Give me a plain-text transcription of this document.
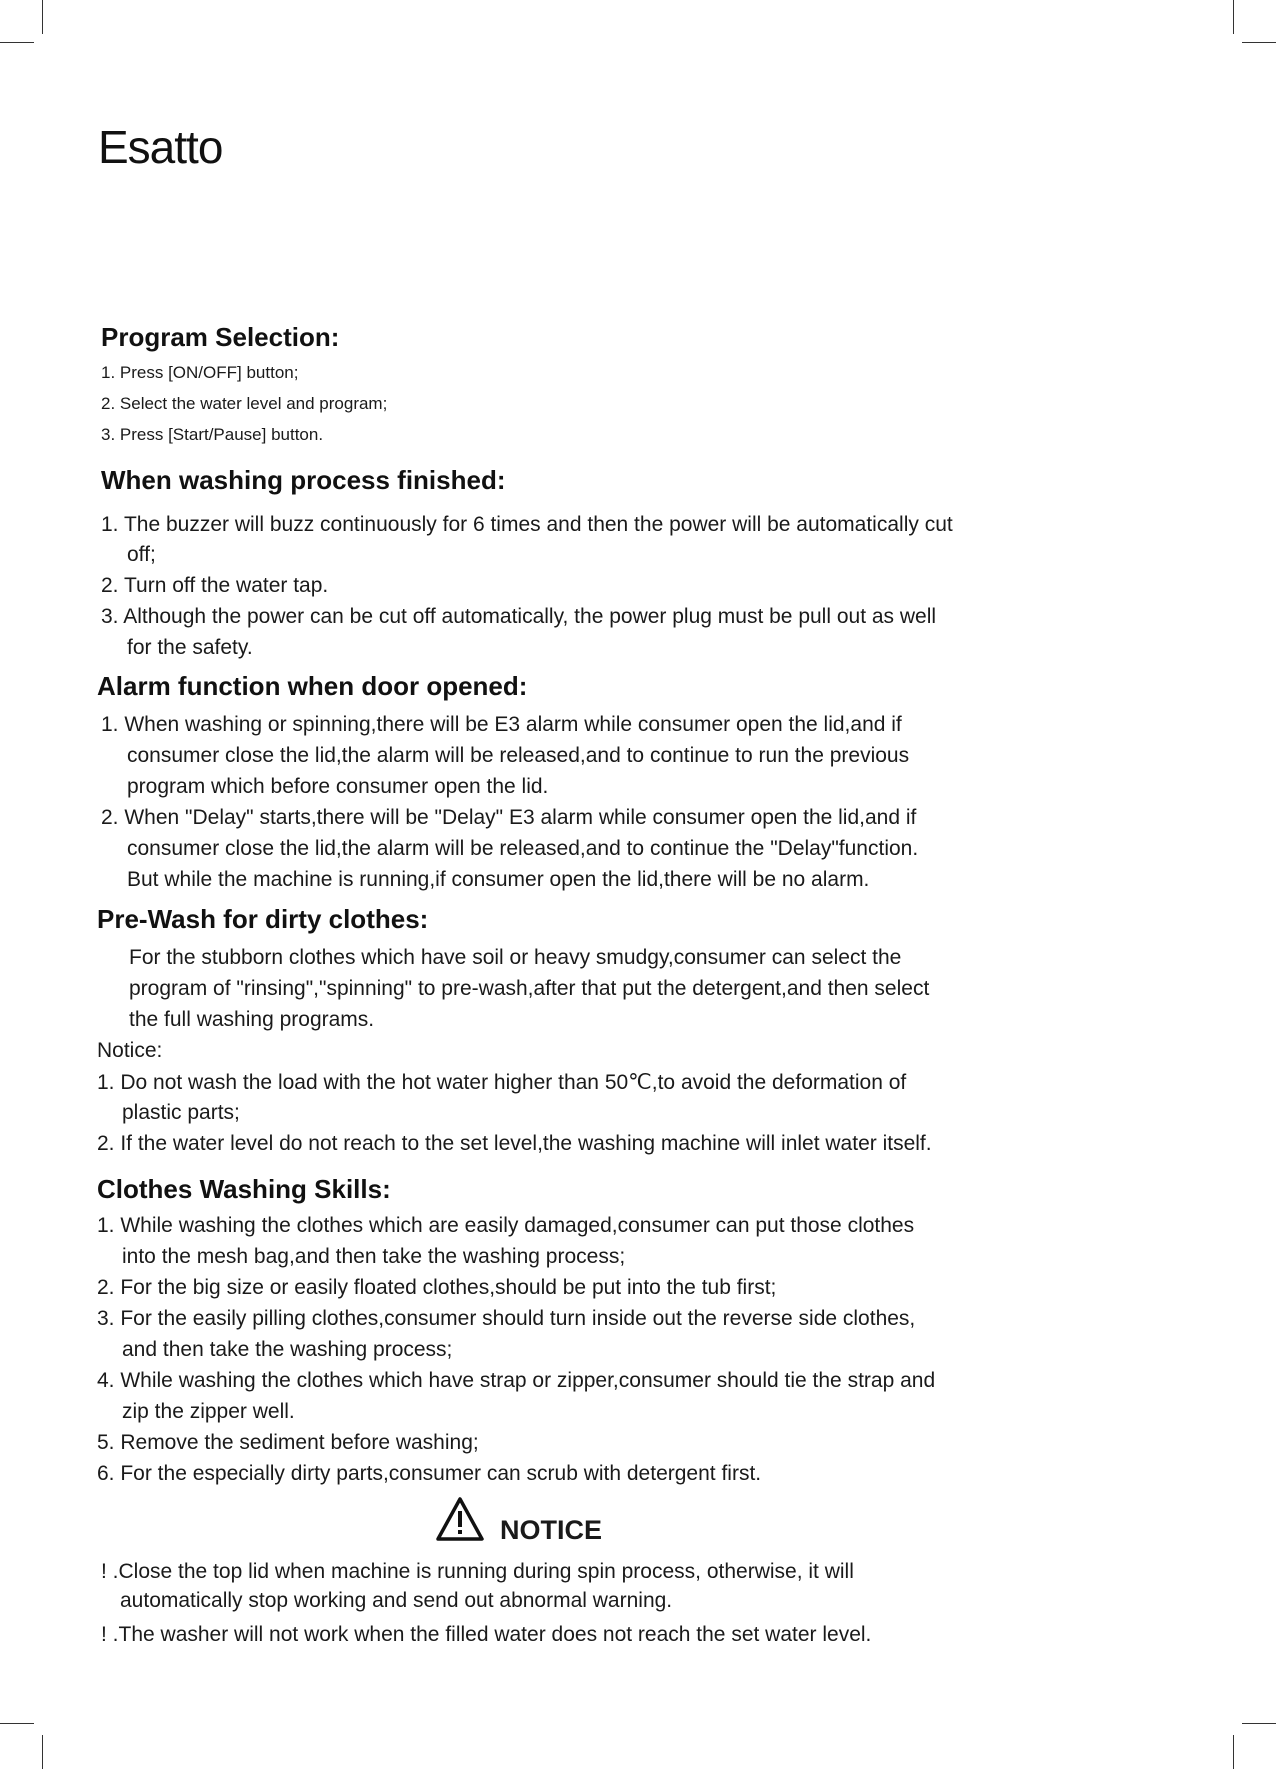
Esatto
Program Selection:
1. Press [ON/OFF] button;
2. Select the water level and program;
3. Press [Start/Pause] button.
When washing process finished:
1. The buzzer will buzz continuously for 6 times and then the power will be automatically cut
off;
2. Turn off the water tap.
3. Although the power can be cut off automatically, the power plug must be pull out as well
for the safety.
Alarm function when door opened:
1. When washing or spinning,there will be E3 alarm while consumer open the lid,and if
consumer close the lid,the alarm will be released,and to continue to run the previous
program which before consumer open the lid.
2. When "Delay" starts,there will be "Delay" E3 alarm while consumer open the lid,and if
consumer close the lid,the alarm will be released,and to continue the "Delay"function.
But while the machine is running,if consumer open the lid,there will be no alarm.
Pre-Wash for dirty clothes:
For the stubborn clothes which have soil or heavy smudgy,consumer can select the
program of "rinsing","spinning" to pre-wash,after that put the detergent,and then select
the full washing programs.
Notice:
1. Do not wash the load with the hot water higher than 50℃,to avoid the deformation of
plastic parts;
2. If the water level do not reach to the set level,the washing machine will inlet water itself.
Clothes Washing Skills:
1. While washing the clothes which are easily damaged,consumer can put those clothes
into the mesh bag,and then take the washing process;
2. For the big size or easily floated clothes,should be put into the tub first;
3. For the easily pilling clothes,consumer should turn inside out the reverse side clothes,
and then take the washing process;
4. While washing the clothes which have strap or zipper,consumer should tie the strap and
zip the zipper well.
5. Remove the sediment before washing;
6. For the especially dirty parts,consumer can scrub with detergent first.
NOTICE
! .Close the top lid when machine is running during spin process, otherwise, it will
automatically stop working and send out abnormal warning.
! .The washer will not work when the filled water does not reach the set water level.
